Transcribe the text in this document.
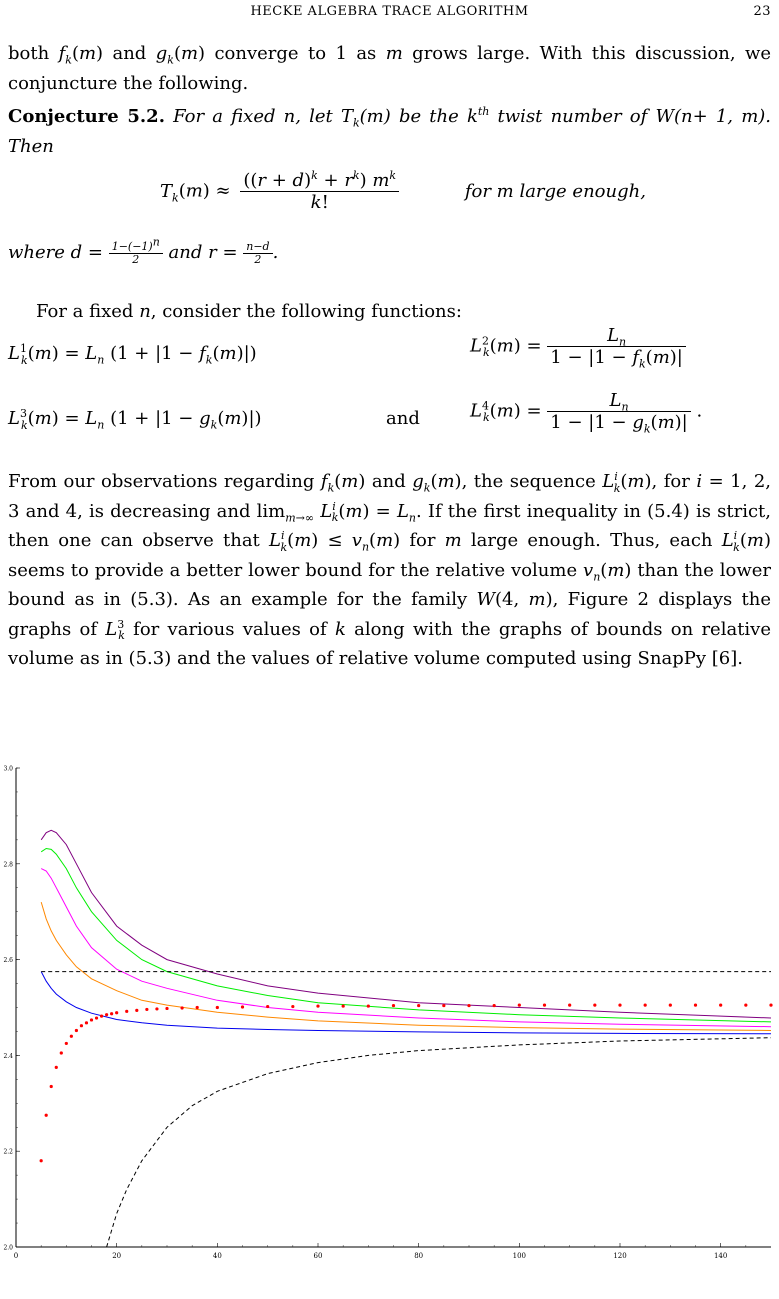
HECKE ALGEBRA TRACE ALGORITHM	23
both $f_k(m)$ and $g_k(m)$ converge to 1 as m grows large. With this discussion, we conjuncture the following.
Conjecture 5.2. For a fixed n, let $T_k(m)$ be the $k^{th}$ twist number of W(n+ 1, m). Then
$T_k(m) \approx \frac{((r + d)^k + r^k) m^k}{k!}$	for m large enough,
where $d = \frac{1-(-1)^n}{2}$ and $r = \frac{n-d}{2}$ .
For a fixed n, consider the following functions:
$L^1_k(m) = L_n$ $(1 + |1 - f_k(m)|)$	$L^2_k(m) = \frac{L_n}{1 - |1 - f_k(m)|}$
$L^3_k(m) = L_n$ $(1 + |1 - g_k(m)|)$	and	$L^4_k(m) = \frac{L_n}{1 - |1 - g_k(m)|}$ .
From our observations regarding $f_k(m)$ and $g_k(m)$, the sequence $L^i_k(m)$, for i = 1, 2, 3 and 4, is decreasing and $\lim_{m\to\infty} L^i_k(m) = L_n$. If the first inequality in (5.4) is strict, then one can observe that $L^i_k(m) \le v_n(m)$ for m large enough. Thus, each $L^i_k(m)$ seems to provide a better lower bound for the relative volume $v_n(m)$ than the lower bound as in (5.3). As an example for the family W(4, m), Figure 2 displays the graphs of $L^3_k$ for various values of k along with the graphs of bounds on relative volume as in (5.3) and the values of relative volume computed using SnapPy [6].
0	20	40	60	80	100	120	140
2.0
2.2
2.4
2.6
2.8
3.0
